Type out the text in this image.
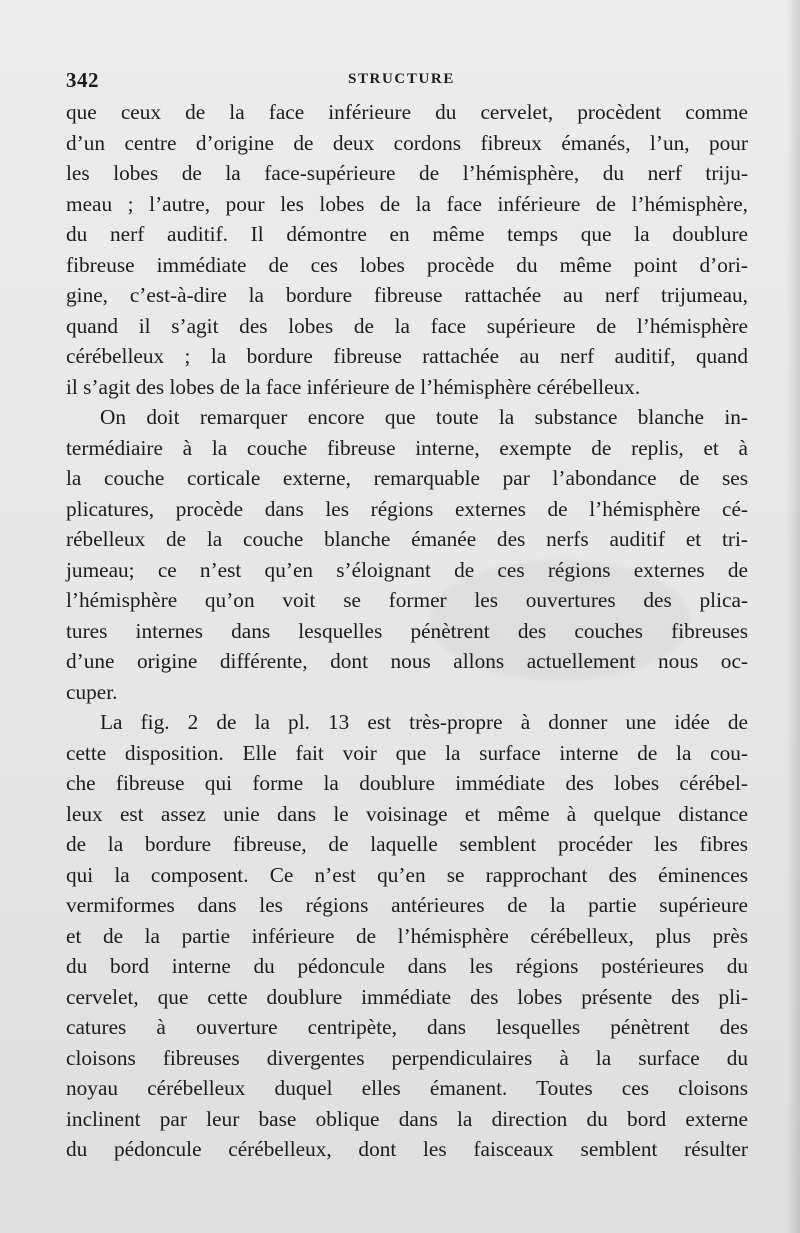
342	STRUCTURE
que ceux de la face inférieure du cervelet, procèdent comme
d’un centre d’origine de deux cordons fibreux émanés, l’un, pour
les lobes de la face-supérieure de l’hémisphère, du nerf triju-
meau ; l’autre, pour les lobes de la face inférieure de l’hémisphère,
du nerf auditif. Il démontre en même temps que la doublure
fibreuse immédiate de ces lobes procède du même point d’ori-
gine, c’est-à-dire la bordure fibreuse rattachée au nerf trijumeau,
quand il s’agit des lobes de la face supérieure de l’hémisphère
cérébelleux ; la bordure fibreuse rattachée au nerf auditif, quand
il s’agit des lobes de la face inférieure de l’hémisphère cérébelleux.
On doit remarquer encore que toute la substance blanche in-
termédiaire à la couche fibreuse interne, exempte de replis, et à
la couche corticale externe, remarquable par l’abondance de ses
plicatures, procède dans les régions externes de l’hémisphère cé-
rébelleux de la couche blanche émanée des nerfs auditif et tri-
jumeau; ce n’est qu’en s’éloignant de ces régions externes de
l’hémisphère qu’on voit se former les ouvertures des plica-
tures internes dans lesquelles pénètrent des couches fibreuses
d’une origine différente, dont nous allons actuellement nous oc-
cuper.
La fig. 2 de la pl. 13 est très-propre à donner une idée de
cette disposition. Elle fait voir que la surface interne de la cou-
che fibreuse qui forme la doublure immédiate des lobes cérébel-
leux est assez unie dans le voisinage et même à quelque distance
de la bordure fibreuse, de laquelle semblent procéder les fibres
qui la composent. Ce n’est qu’en se rapprochant des éminences
vermiformes dans les régions antérieures de la partie supérieure
et de la partie inférieure de l’hémisphère cérébelleux, plus près
du bord interne du pédoncule dans les régions postérieures du
cervelet, que cette doublure immédiate des lobes présente des pli-
catures à ouverture centripète, dans lesquelles pénètrent des
cloisons fibreuses divergentes perpendiculaires à la surface du
noyau cérébelleux duquel elles émanent. Toutes ces cloisons
inclinent par leur base oblique dans la direction du bord externe
du pédoncule cérébelleux, dont les faisceaux semblent résulter
